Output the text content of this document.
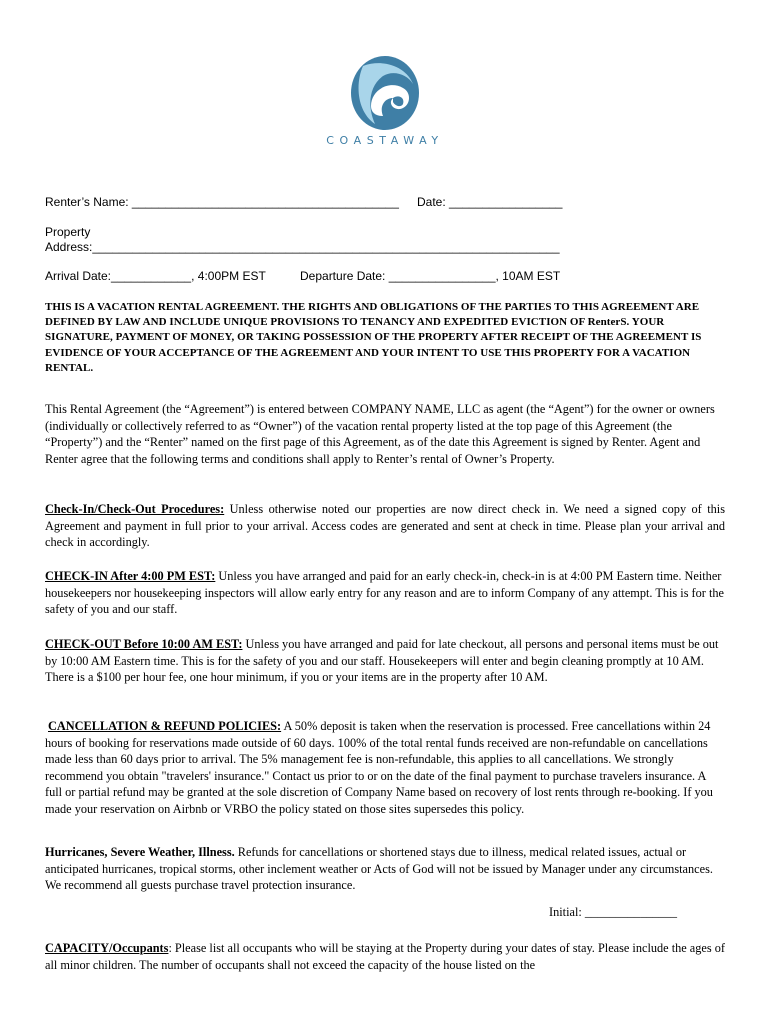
COASTAWAY
Renter’s Name: ________________________________________ Date: _________________
Property
Address:______________________________________________________________________
Arrival Date:____________, 4:00PM EST	Departure Date: ________________, 10AM EST
THIS IS A VACATION RENTAL AGREEMENT. THE RIGHTS AND OBLIGATIONS OF THE PARTIES TO THIS AGREEMENT ARE DEFINED BY LAW AND INCLUDE UNIQUE PROVISIONS TO TENANCY AND EXPEDITED EVICTION OF RenterS. YOUR SIGNATURE, PAYMENT OF MONEY, OR TAKING POSSESSION OF THE PROPERTY AFTER RECEIPT OF THE AGREEMENT IS EVIDENCE OF YOUR ACCEPTANCE OF THE AGREEMENT AND YOUR INTENT TO USE THIS PROPERTY FOR A VACATION RENTAL.

This Rental Agreement (the “Agreement”) is entered between COMPANY NAME, LLC as agent (the “Agent”) for the owner or owners (individually or collectively referred to as “Owner”) of the vacation rental property listed at the top page of this Agreement (the “Property”) and the “Renter” named on the first page of this Agreement, as of the date this Agreement is signed by Renter. Agent and Renter agree that the following terms and conditions shall apply to Renter’s rental of Owner’s Property.

Check-In/Check-Out Procedures: Unless otherwise noted our properties are now direct check in. We need a signed copy of this Agreement and payment in full prior to your arrival. Access codes are generated and sent at check in time. Please plan your arrival and check in accordingly.

CHECK-IN After 4:00 PM EST: Unless you have arranged and paid for an early check-in, check-in is at 4:00 PM Eastern time. Neither housekeepers nor housekeeping inspectors will allow early entry for any reason and are to inform Company of any attempt. This is for the safety of you and our staff.

CHECK-OUT Before 10:00 AM EST: Unless you have arranged and paid for late checkout, all persons and personal items must be out by 10:00 AM Eastern time. This is for the safety of you and our staff. Housekeepers will enter and begin cleaning promptly at 10 AM. There is a $100 per hour fee, one hour minimum, if you or your items are in the property after 10 AM.

CANCELLATION & REFUND POLICIES: A 50% deposit is taken when the reservation is processed. Free cancellations within 24 hours of booking for reservations made outside of 60 days. 100% of the total rental funds received are non-refundable on cancellations made less than 60 days prior to arrival. The 5% management fee is non-refundable, this applies to all cancellations. We strongly recommend you obtain "travelers' insurance." Contact us prior to or on the date of the final payment to purchase travelers insurance. A full or partial refund may be granted at the sole discretion of Company Name based on recovery of lost rents through re-booking. If you made your reservation on Airbnb or VRBO the policy stated on those sites supersedes this policy.

Hurricanes, Severe Weather, Illness. Refunds for cancellations or shortened stays due to illness, medical related issues, actual or anticipated hurricanes, tropical storms, other inclement weather or Acts of God will not be issued by Manager under any circumstances. We recommend all guests purchase travel protection insurance.

Initial: _______________

CAPACITY/Occupants: Please list all occupants who will be staying at the Property during your dates of stay. Please include the ages of all minor children. The number of occupants shall not exceed the capacity of the house listed on the
